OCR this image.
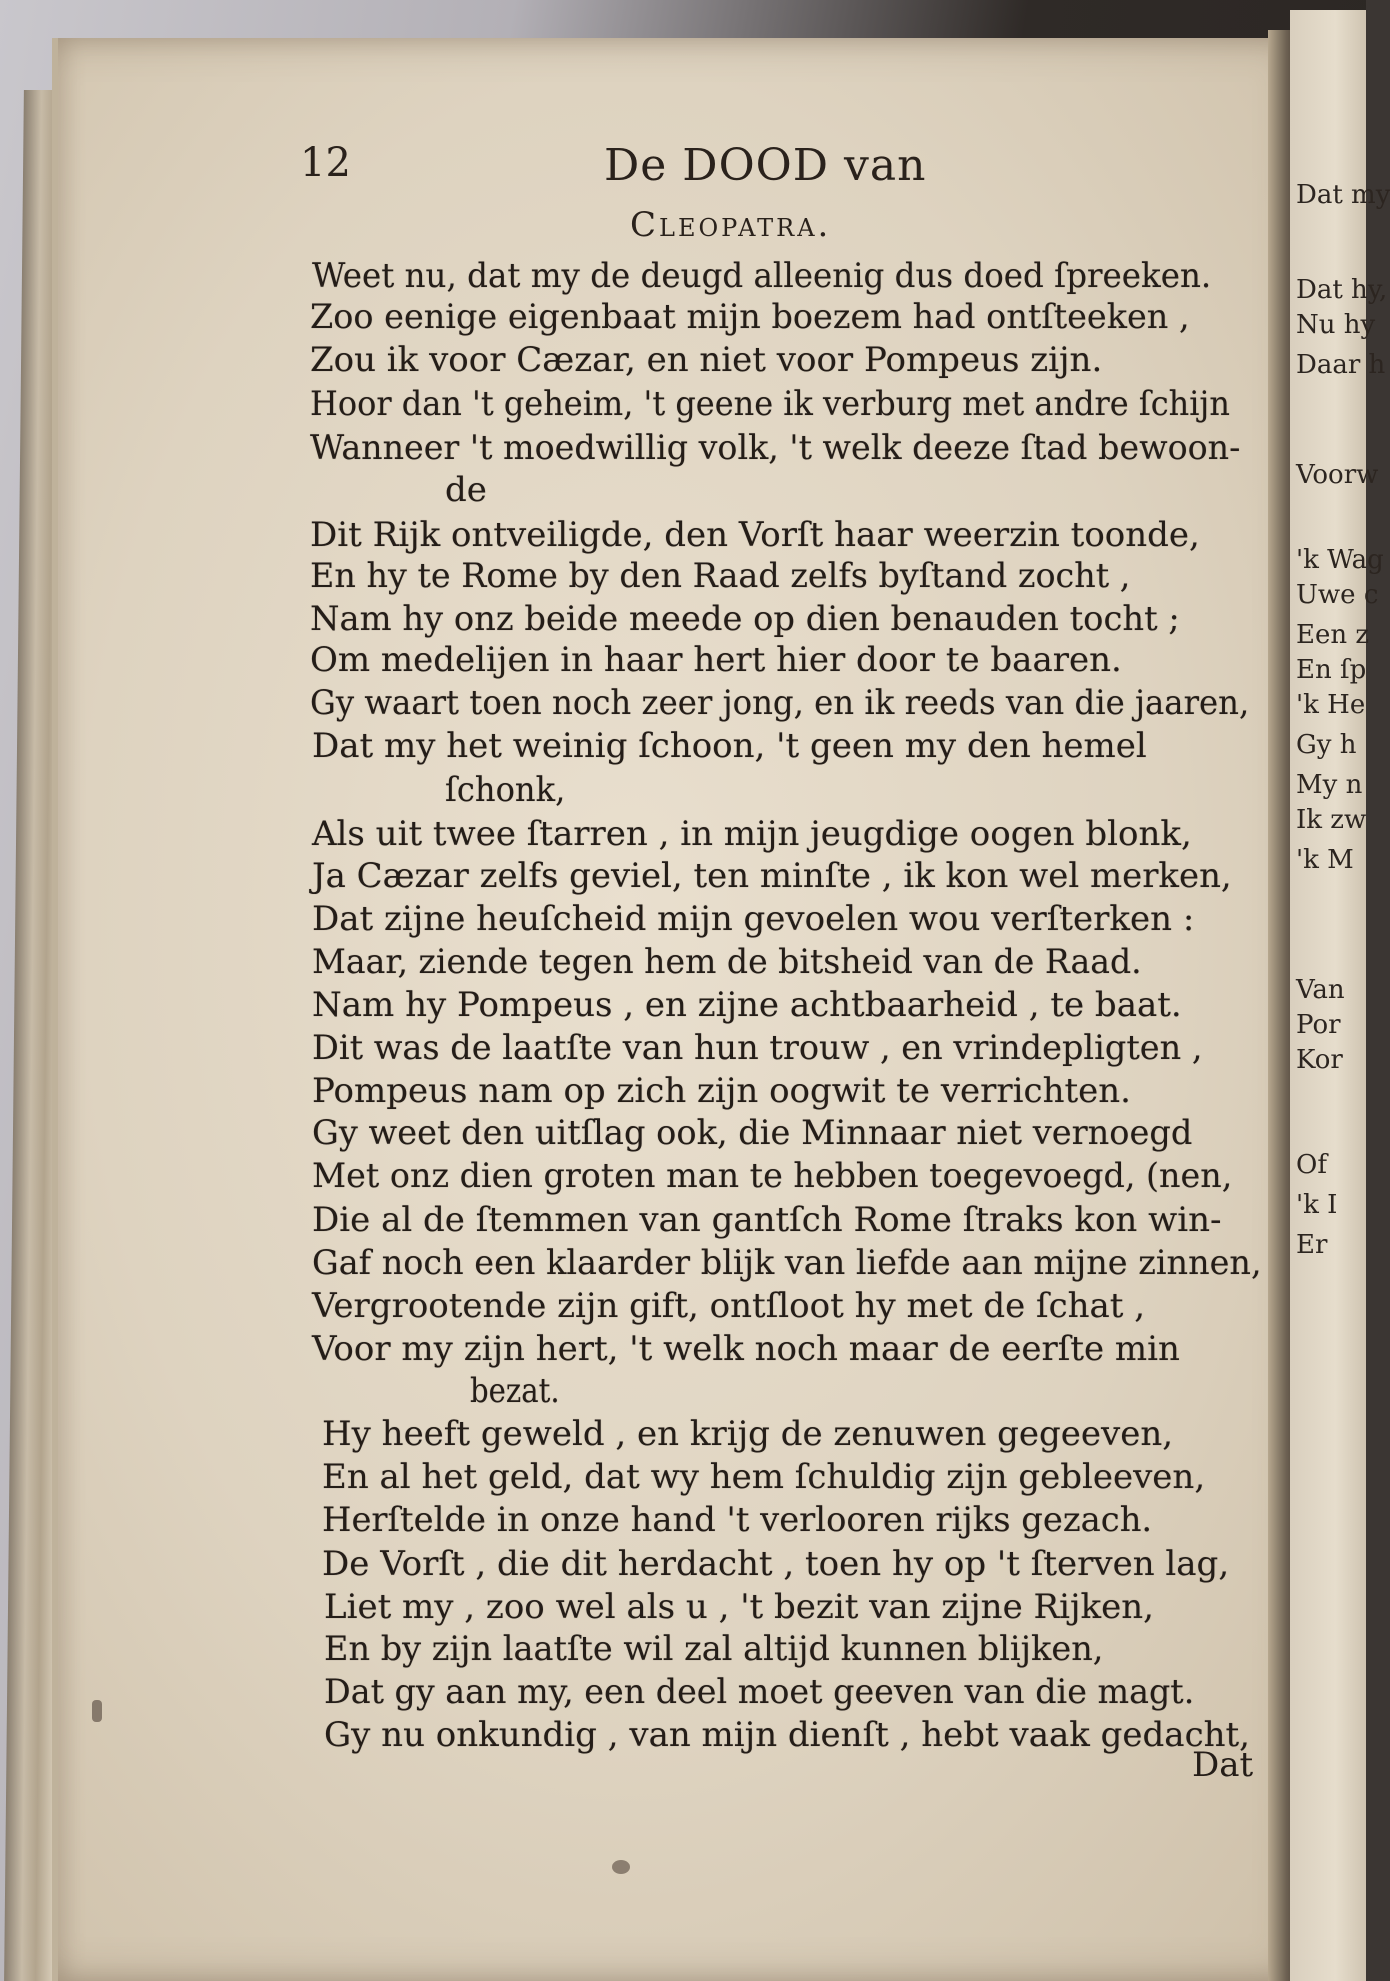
Dat my
Dat hy,
Nu hy
Daar h
Voorw
'k Wag
Uwe c
Een z
En ſp
'k He
Gy h
My n
Ik zw
'k M
Van
Por
Kor
Of
'k I
Er
12	De DOOD van
Cleopatra.
Weet nu, dat my de deugd alleenig dus doed ſpreeken.
Zoo eenige eigenbaat mijn boezem had ontſteeken ,
Zou ik voor Cæzar, en niet voor Pompeus zijn.
Hoor dan 't geheim, 't geene ik verburg met andre ſchijn
Wanneer 't moedwillig volk, 't welk deeze ſtad bewoon-
de
Dit Rijk ontveiligde, den Vorſt haar weerzin toonde,
En hy te Rome by den Raad zelfs byſtand zocht ,
Nam hy onz beide meede op dien benauden tocht ;
Om medelijen in haar hert hier door te baaren.
Gy waart toen noch zeer jong, en ik reeds van die jaaren,
Dat my het weinig ſchoon, 't geen my den hemel
ſchonk,
Als uit twee ſtarren , in mijn jeugdige oogen blonk,
Ja Cæzar zelfs geviel, ten minſte , ik kon wel merken,
Dat zijne heuſcheid mijn gevoelen wou verſterken :
Maar, ziende tegen hem de bitsheid van de Raad.
Nam hy Pompeus , en zijne achtbaarheid , te baat.
Dit was de laatſte van hun trouw , en vrindepligten ,
Pompeus nam op zich zijn oogwit te verrichten.
Gy weet den uitſlag ook, die Minnaar niet vernoegd
Met onz dien groten man te hebben toegevoegd, (nen,
Die al de ſtemmen van gantſch Rome ſtraks kon win-
Gaf noch een klaarder blijk van liefde aan mijne zinnen,
Vergrootende zijn gift, ontſloot hy met de ſchat ,
Voor my zijn hert, 't welk noch maar de eerſte min
bezat.
Hy heeft geweld , en krijg de zenuwen gegeeven,
En al het geld, dat wy hem ſchuldig zijn gebleeven,
Herſtelde in onze hand 't verlooren rijks gezach.
De Vorſt , die dit herdacht , toen hy op 't ſterven lag,
Liet my , zoo wel als u , 't bezit van zijne Rijken,
En by zijn laatſte wil zal altijd kunnen blijken,
Dat gy aan my, een deel moet geeven van die magt.
Gy nu onkundig , van mijn dienſt , hebt vaak gedacht,
Dat
